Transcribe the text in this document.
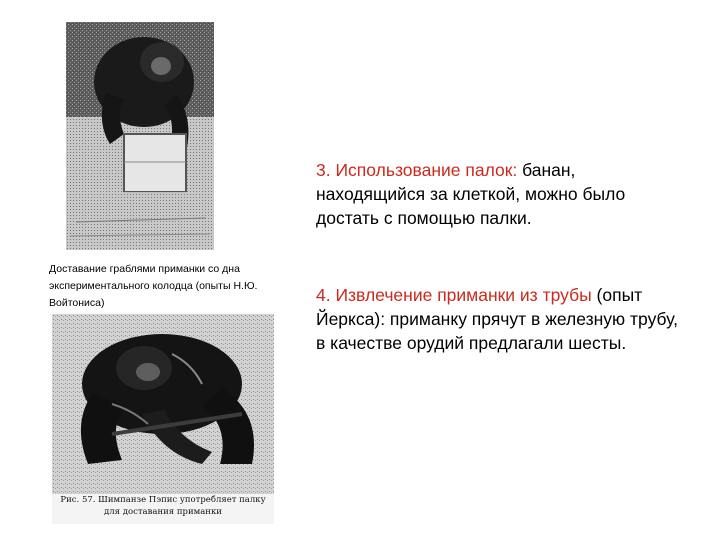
Доставание граблями приманки со дна экспериментального колодца (опыты Н.Ю. Войтониса)
Рис. 57. Шимпанзе Пэпис употребляет палку
для доставания приманки
3. Использование палок: банан, находящийся за клеткой, можно было достать с помощью палки.
4. Извлечение приманки из трубы (опыт Йеркса): приманку прячут в железную трубу, в качестве орудий предлагали шесты.
